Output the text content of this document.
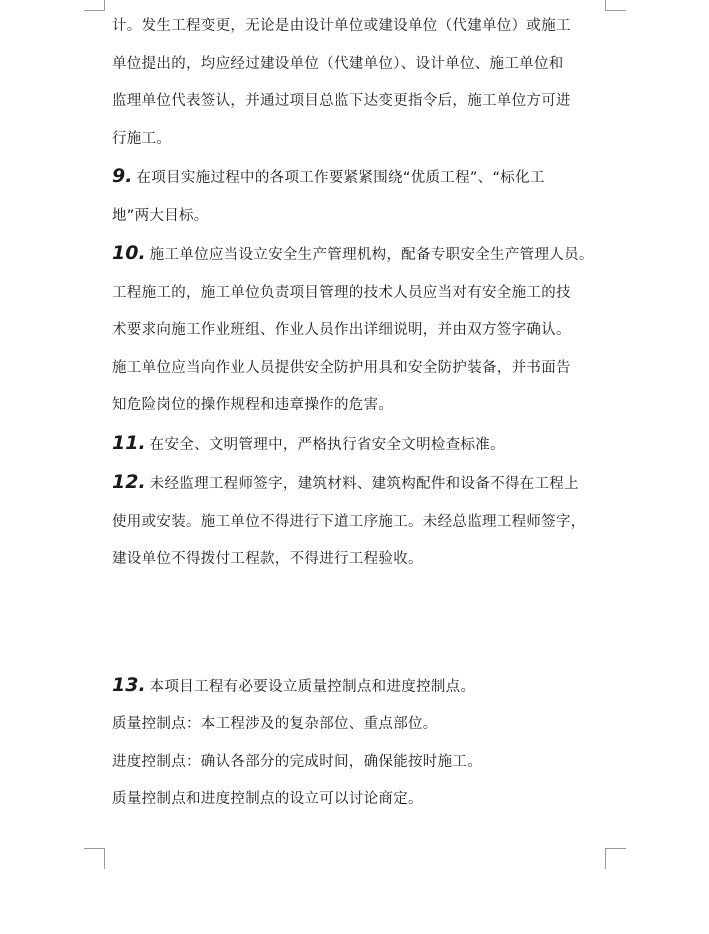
计。发生工程变更，无论是由设计单位或建设单位（代建单位）或施工
单位提出的，均应经过建设单位（代建单位）、设计单位、施工单位和
监理单位代表签认，并通过项目总监下达变更指令后，施工单位方可进
行施工。
9. 在项目实施过程中的各项工作要紧紧围绕“优质工程”、“标化工
地”两大目标。
10. 施工单位应当设立安全生产管理机构，配备专职安全生产管理人员。
工程施工的，施工单位负责项目管理的技术人员应当对有安全施工的技
术要求向施工作业班组、作业人员作出详细说明，并由双方签字确认。
施工单位应当向作业人员提供安全防护用具和安全防护装备，并书面告
知危险岗位的操作规程和违章操作的危害。
11. 在安全、文明管理中，严格执行省安全文明检查标准。
12. 未经监理工程师签字，建筑材料、建筑构配件和设备不得在工程上
使用或安装。施工单位不得进行下道工序施工。未经总监理工程师签字，
建设单位不得拨付工程款，不得进行工程验收。
13. 本项目工程有必要设立质量控制点和进度控制点。
质量控制点：本工程涉及的复杂部位、重点部位。
进度控制点：确认各部分的完成时间，确保能按时施工。
质量控制点和进度控制点的设立可以讨论商定。
